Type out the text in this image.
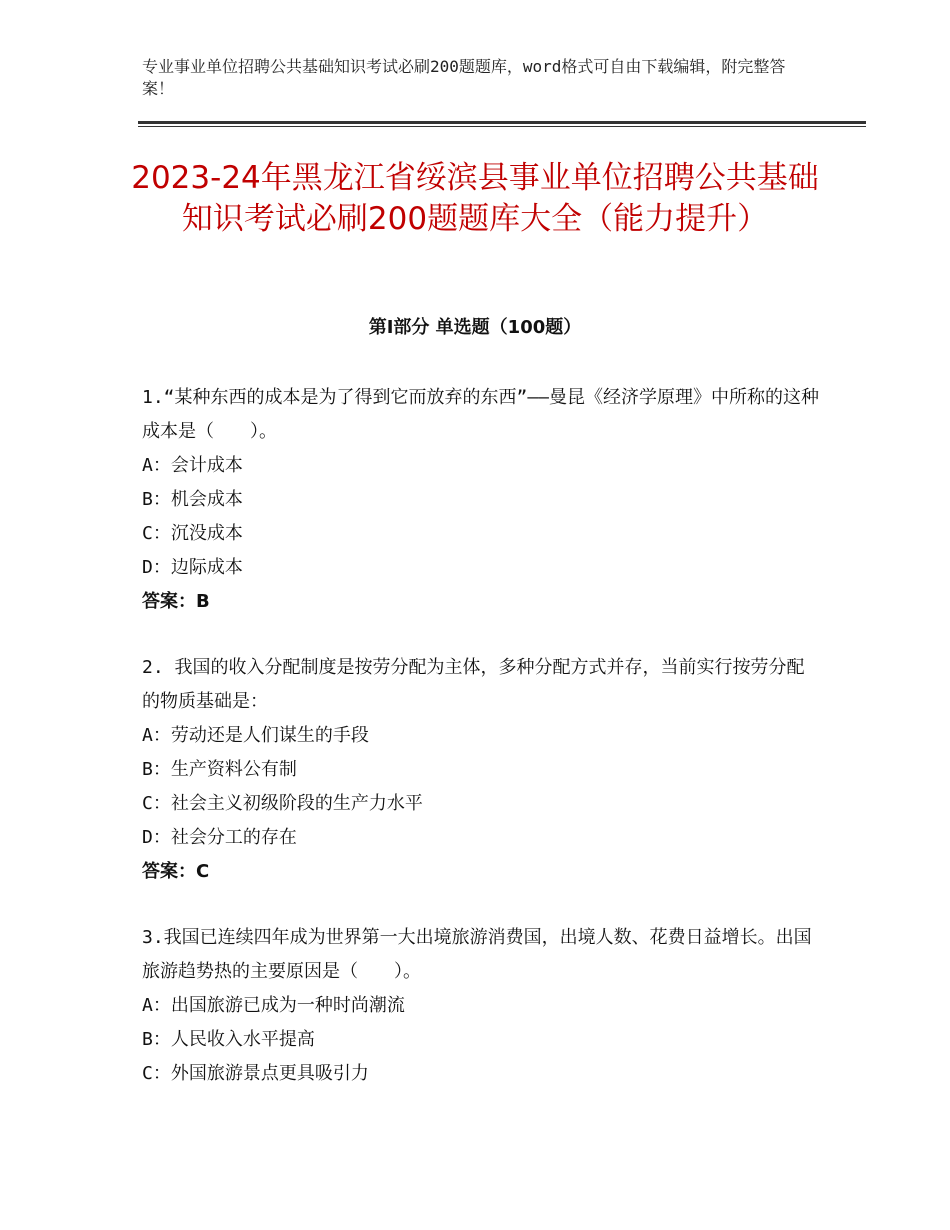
专业事业单位招聘公共基础知识考试必刷200题题库，word格式可自由下载编辑，附完整答案！
2023-24年黑龙江省绥滨县事业单位招聘公共基础知识考试必刷200题题库大全（能力提升）
第Ⅰ部分 单选题（100题）
1.“某种东西的成本是为了得到它而放弃的东西”——曼昆《经济学原理》中所称的这种成本是（　　）。
A：会计成本
B：机会成本
C：沉没成本
D：边际成本
答案：B
2. 我国的收入分配制度是按劳分配为主体，多种分配方式并存，当前实行按劳分配的物质基础是：
A：劳动还是人们谋生的手段
B：生产资料公有制
C：社会主义初级阶段的生产力水平
D：社会分工的存在
答案：C
3.我国已连续四年成为世界第一大出境旅游消费国，出境人数、花费日益增长。出国旅游趋势热的主要原因是（　　）。
A：出国旅游已成为一种时尚潮流
B：人民收入水平提高
C：外国旅游景点更具吸引力
